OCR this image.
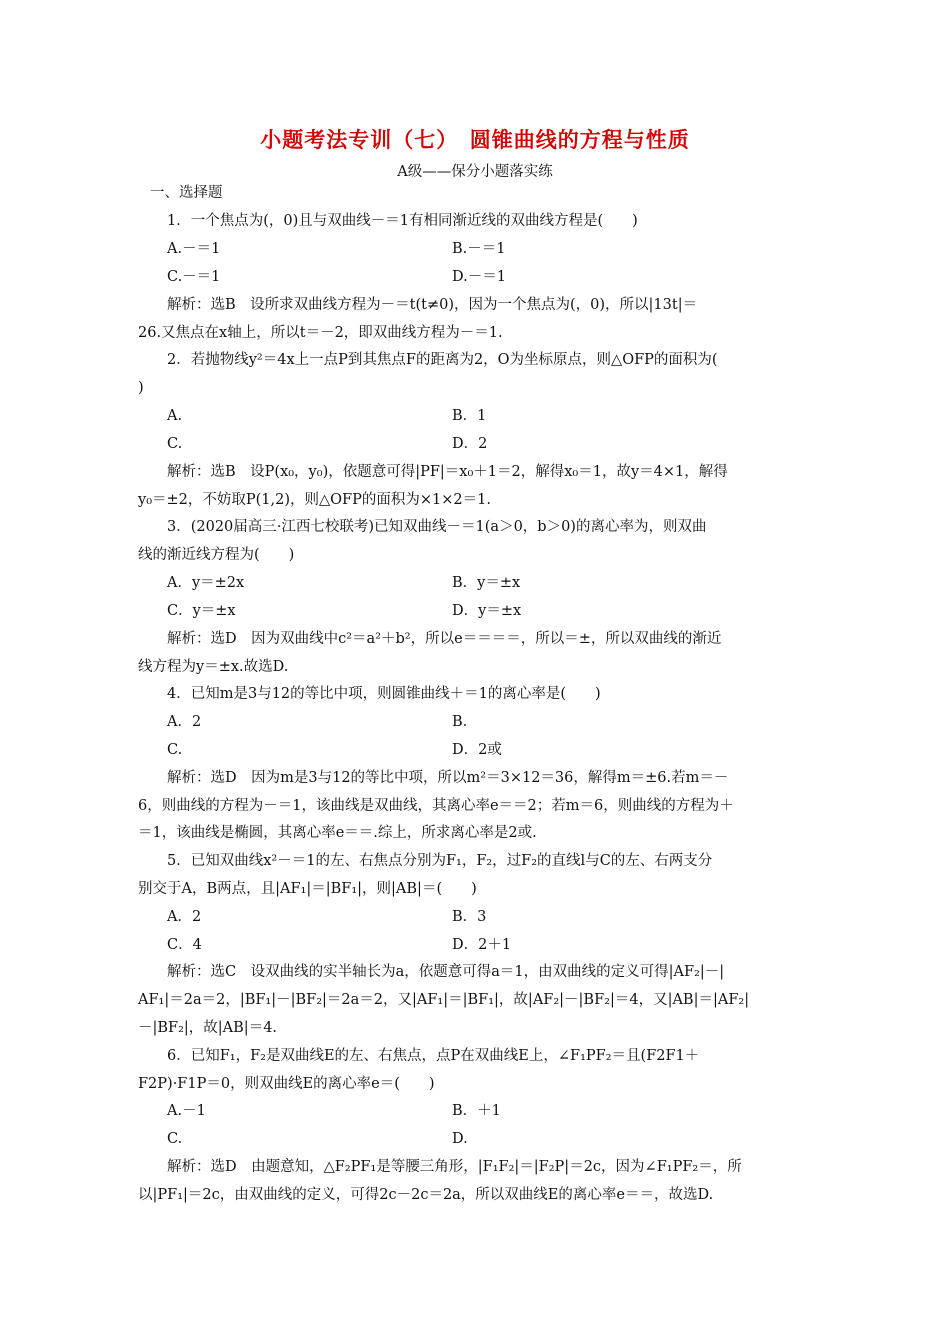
小题考法专训（七）　圆锥曲线的方程与性质
A级——保分小题落实练
一、选择题
1．一个焦点为(，0)且与双曲线－＝1有相同渐近线的双曲线方程是(　　)
A.－＝1	B.－＝1
C.－＝1	D.－＝1
解析：选B　设所求双曲线方程为－＝t(t≠0)，因为一个焦点为(，0)，所以|13t|＝
26.又焦点在x轴上，所以t＝－2，即双曲线方程为－＝1.
2．若抛物线y²＝4x上一点P到其焦点F的距离为2，O为坐标原点，则△OFP的面积为(
)
A.	B．1
C.	D．2
解析：选B　设P(x₀，y₀)，依题意可得|PF|＝x₀＋1＝2，解得x₀＝1，故y＝4×1，解得
y₀＝±2，不妨取P(1,2)，则△OFP的面积为×1×2＝1.
3．(2020届高三·江西七校联考)已知双曲线－＝1(a＞0，b＞0)的离心率为，则双曲
线的渐近线方程为(　　)
A．y＝±2x	B．y＝±x
C．y＝±x	D．y＝±x
解析：选D　因为双曲线中c²＝a²＋b²，所以e＝＝＝＝，所以＝±，所以双曲线的渐近
线方程为y＝±x.故选D.
4．已知m是3与12的等比中项，则圆锥曲线＋＝1的离心率是(　　)
A．2	B.
C.	D．2或
解析：选D　因为m是3与12的等比中项，所以m²＝3×12＝36，解得m＝±6.若m＝－
6，则曲线的方程为－＝1，该曲线是双曲线，其离心率e＝＝2；若m＝6，则曲线的方程为＋
＝1，该曲线是椭圆，其离心率e＝＝.综上，所求离心率是2或.
5．已知双曲线x²－＝1的左、右焦点分别为F₁，F₂，过F₂的直线l与C的左、右两支分
别交于A，B两点，且|AF₁|＝|BF₁|，则|AB|＝(　　)
A．2	B．3
C．4	D．2＋1
解析：选C　设双曲线的实半轴长为a，依题意可得a＝1，由双曲线的定义可得|AF₂|－|
AF₁|＝2a＝2，|BF₁|－|BF₂|＝2a＝2，又|AF₁|＝|BF₁|，故|AF₂|－|BF₂|＝4，又|AB|＝|AF₂|
－|BF₂|，故|AB|＝4.
6．已知F₁，F₂是双曲线E的左、右焦点，点P在双曲线E上，∠F₁PF₂＝且(F2F1＋
F2P)·F1P＝0，则双曲线E的离心率e＝(　　)
A.－1	B．＋1
C.	D.
解析：选D　由题意知，△F₂PF₁是等腰三角形，|F₁F₂|＝|F₂P|＝2c，因为∠F₁PF₂＝，所
以|PF₁|＝2c，由双曲线的定义，可得2c－2c＝2a，所以双曲线E的离心率e＝＝，故选D.
